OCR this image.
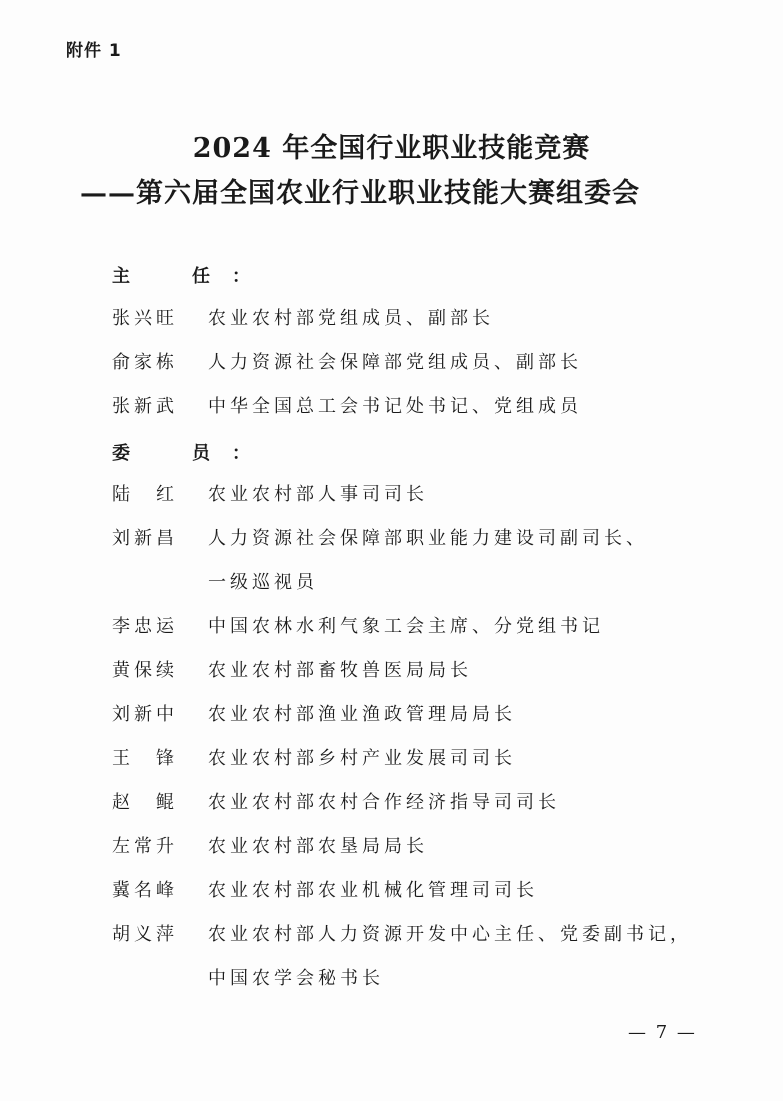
附件 1
2024 年全国行业职业技能竞赛
——第六届全国农业行业职业技能大赛组委会
主　任：
张兴旺	农业农村部党组成员、副部长
俞家栋	人力资源社会保障部党组成员、副部长
张新武	中华全国总工会书记处书记、党组成员
委　员：
陆　红	农业农村部人事司司长
刘新昌	人力资源社会保障部职业能力建设司副司长、
一级巡视员
李忠运	中国农林水利气象工会主席、分党组书记
黄保续	农业农村部畜牧兽医局局长
刘新中	农业农村部渔业渔政管理局局长
王　锋	农业农村部乡村产业发展司司长
赵　鲲	农业农村部农村合作经济指导司司长
左常升	农业农村部农垦局局长
冀名峰	农业农村部农业机械化管理司司长
胡义萍	农业农村部人力资源开发中心主任、党委副书记，
中国农学会秘书长
— 7 —
